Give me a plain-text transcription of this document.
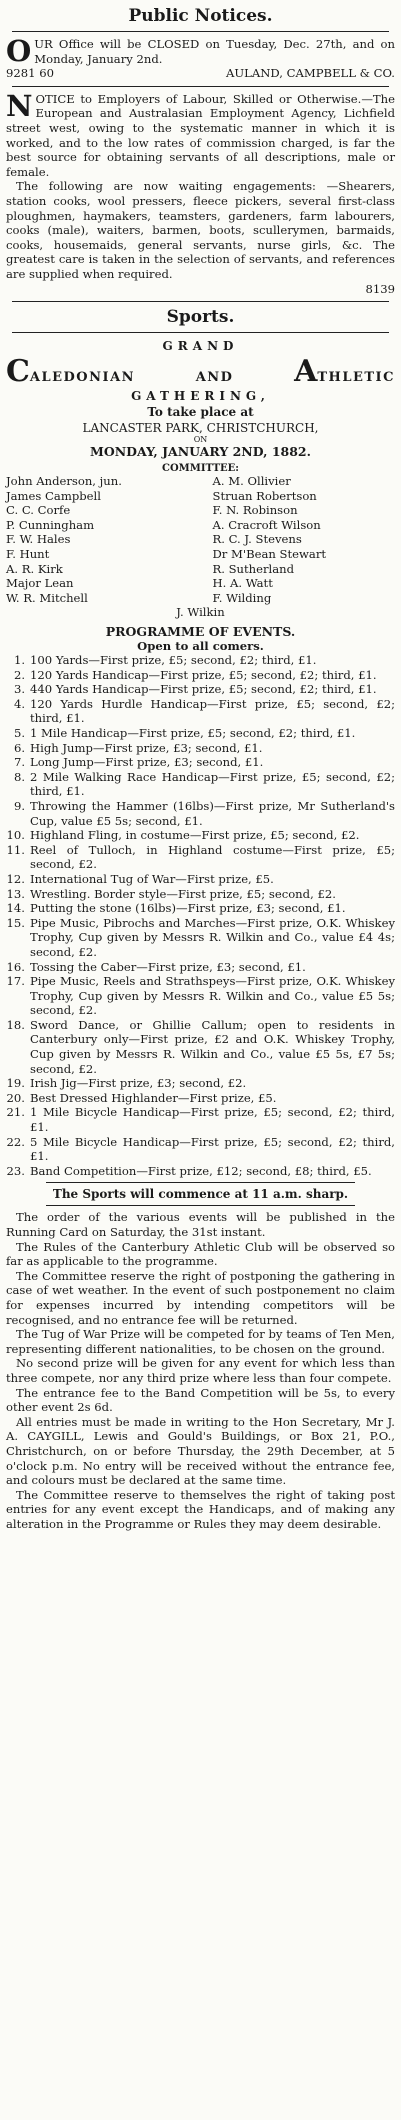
Public Notices.

OUR Office will be CLOSED on Tuesday, Dec. 27th, and on Monday, January 2nd.

9281 60	AULAND, CAMPBELL & CO.

NOTICE to Employers of Labour, Skilled or Otherwise.—The European and Australasian Employment Agency, Lichfield street west, owing to the systematic manner in which it is worked, and to the low rates of commission charged, is far the best source for obtaining servants of all descriptions, male or female.

The following are now waiting engagements: —Shearers, station cooks, wool pressers, fleece pickers, several first-class ploughmen, haymakers, teamsters, gardeners, farm labourers, cooks (male), waiters, barmen, boots, scullerymen, barmaids, cooks, housemaids, general servants, nurse girls, &c. The greatest care is taken in the selection of servants, and references are supplied when required.

8139
Sports.
GRAND
CALEDONIAN	AND ATHLETIC
GATHERING,
To take place at
LANCASTER PARK, CHRISTCHURCH,
ON
MONDAY, JANUARY 2ND, 1882.
COMMITTEE:
John Anderson, jun.
James Campbell
C. C. Corfe
P. Cunningham
F. W. Hales
F. Hunt
A. R. Kirk
Major Lean
W. R. Mitchell
A. M. Ollivier
Struan Robertson
F. N. Robinson
A. Cracroft Wilson
R. C. J. Stevens
Dr M'Bean Stewart
R. Sutherland
H. A. Watt
F. Wilding
J. Wilkin
PROGRAMME OF EVENTS.
Open to all comers.
1. 100 Yards—First prize, £5; second, £2; third, £1.
2. 120 Yards Handicap—First prize, £5; second, £2; third, £1.
3. 440 Yards Handicap—First prize, £5; second, £2; third, £1.
4. 120 Yards Hurdle Handicap—First prize, £5; second, £2; third, £1.
5. 1 Mile Handicap—First prize, £5; second, £2; third, £1.
6. High Jump—First prize, £3; second, £1.
7. Long Jump—First prize, £3; second, £1.
8. 2 Mile Walking Race Handicap—First prize, £5; second, £2; third, £1.
9. Throwing the Hammer (16lbs)—First prize, Mr Sutherland's Cup, value £5 5s; second, £1.
10. Highland Fling, in costume—First prize, £5; second, £2.
11. Reel of Tulloch, in Highland costume—First prize, £5; second, £2.
12. International Tug of War—First prize, £5.
13. Wrestling. Border style—First prize, £5; second, £2.
14. Putting the stone (16lbs)—First prize, £3; second, £1.
15. Pipe Music, Pibrochs and Marches—First prize, O.K. Whiskey Trophy, Cup given by Messrs R. Wilkin and Co., value £4 4s; second, £2.
16. Tossing the Caber—First prize, £3; second, £1.
17. Pipe Music, Reels and Strathspeys—First prize, O.K. Whiskey Trophy, Cup given by Messrs R. Wilkin and Co., value £5 5s; second, £2.
18. Sword Dance, or Ghillie Callum; open to residents in Canterbury only—First prize, £2 and O.K. Whiskey Trophy, Cup given by Messrs R. Wilkin and Co., value £5 5s, £7 5s; second, £2.
19. Irish Jig—First prize, £3; second, £2.
20. Best Dressed Highlander—First prize, £5.
21. 1 Mile Bicycle Handicap—First prize, £5; second, £2; third, £1.
22. 5 Mile Bicycle Handicap—First prize, £5; second, £2; third, £1.
23. Band Competition—First prize, £12; second, £8; third, £5.
The Sports will commence at 11 a.m. sharp.

The order of the various events will be published in the Running Card on Saturday, the 31st instant.

The Rules of the Canterbury Athletic Club will be observed so far as applicable to the programme.

The Committee reserve the right of postponing the gathering in case of wet weather. In the event of such postponement no claim for expenses incurred by intending competitors will be recognised, and no entrance fee will be returned.

The Tug of War Prize will be competed for by teams of Ten Men, representing different nationalities, to be chosen on the ground.

No second prize will be given for any event for which less than three compete, nor any third prize where less than four compete.

The entrance fee to the Band Competition will be 5s, to every other event 2s 6d.

All entries must be made in writing to the Hon Secretary, Mr J. A. CAYGILL, Lewis and Gould's Buildings, or Box 21, P.O., Christchurch, on or before Thursday, the 29th December, at 5 o'clock p.m. No entry will be received without the entrance fee, and colours must be declared at the same time.

The Committee reserve to themselves the right of taking post entries for any event except the Handicaps, and of making any alteration in the Programme or Rules they may deem desirable.
